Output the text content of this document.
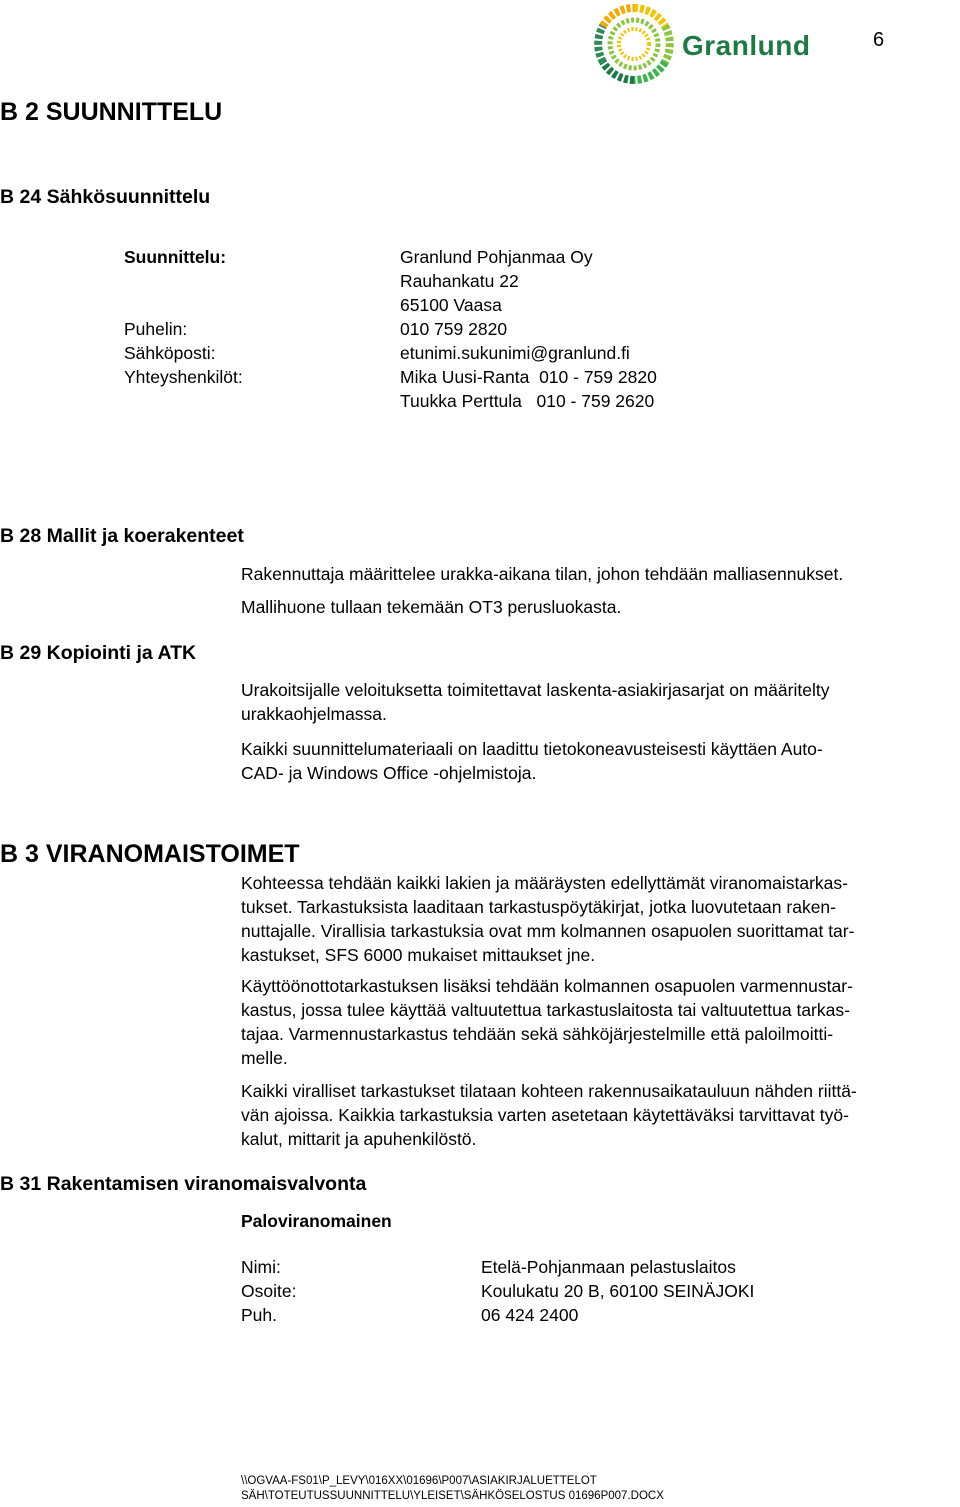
Granlund	6
B 2 SUUNNITTELU
B 24 Sähkösuunnittelu
Suunnittelu:	Granlund Pohjanmaa Oy
Rauhankatu 22
65100 Vaasa
Puhelin:	010 759 2820
Sähköposti:	etunimi.sukunimi@granlund.fi
Yhteyshenkilöt:	Mika Uusi-Ranta  010 - 759 2820
Tuukka Perttula   010 - 759 2620
B 28 Mallit ja koerakenteet
Rakennuttaja määrittelee urakka-aikana tilan, johon tehdään malliasennukset.
Mallihuone tullaan tekemään OT3 perusluokasta.
B 29 Kopiointi ja ATK
Urakoitsijalle veloituksetta toimitettavat laskenta-asiakirjasarjat on määritelty
urakkaohjelmassa.
Kaikki suunnittelumateriaali on laadittu tietokoneavusteisesti käyttäen Auto-
CAD- ja Windows Office -ohjelmistoja.
B 3 VIRANOMAISTOIMET
Kohteessa tehdään kaikki lakien ja määräysten edellyttämät viranomaistarkas-
tukset. Tarkastuksista laaditaan tarkastuspöytäkirjat, jotka luovutetaan raken-
nuttajalle. Virallisia tarkastuksia ovat mm kolmannen osapuolen suorittamat tar-
kastukset, SFS 6000 mukaiset mittaukset jne.
Käyttöönottotarkastuksen lisäksi tehdään kolmannen osapuolen varmennustar-
kastus, jossa tulee käyttää valtuutettua tarkastuslaitosta tai valtuutettua tarkas-
tajaa. Varmennustarkastus tehdään sekä sähköjärjestelmille että paloilmoitti-
melle.
Kaikki viralliset tarkastukset tilataan kohteen rakennusaikatauluun nähden riittä-
vän ajoissa. Kaikkia tarkastuksia varten asetetaan käytettäväksi tarvittavat työ-
kalut, mittarit ja apuhenkilöstö.
B 31 Rakentamisen viranomaisvalvonta
Paloviranomainen
Nimi:	Etelä-Pohjanmaan pelastuslaitos
Osoite:	Koulukatu 20 B, 60100 SEINÄJOKI
Puh.	06 424 2400
\\OGVAA-FS01\P_LEVY\016XX\01696\P007\ASIAKIRJALUETTELOT
SÄH\TOTEUTUSSUUNNITTELU\YLEISET\SÄHKÖSELOSTUS 01696P007.DOCX
